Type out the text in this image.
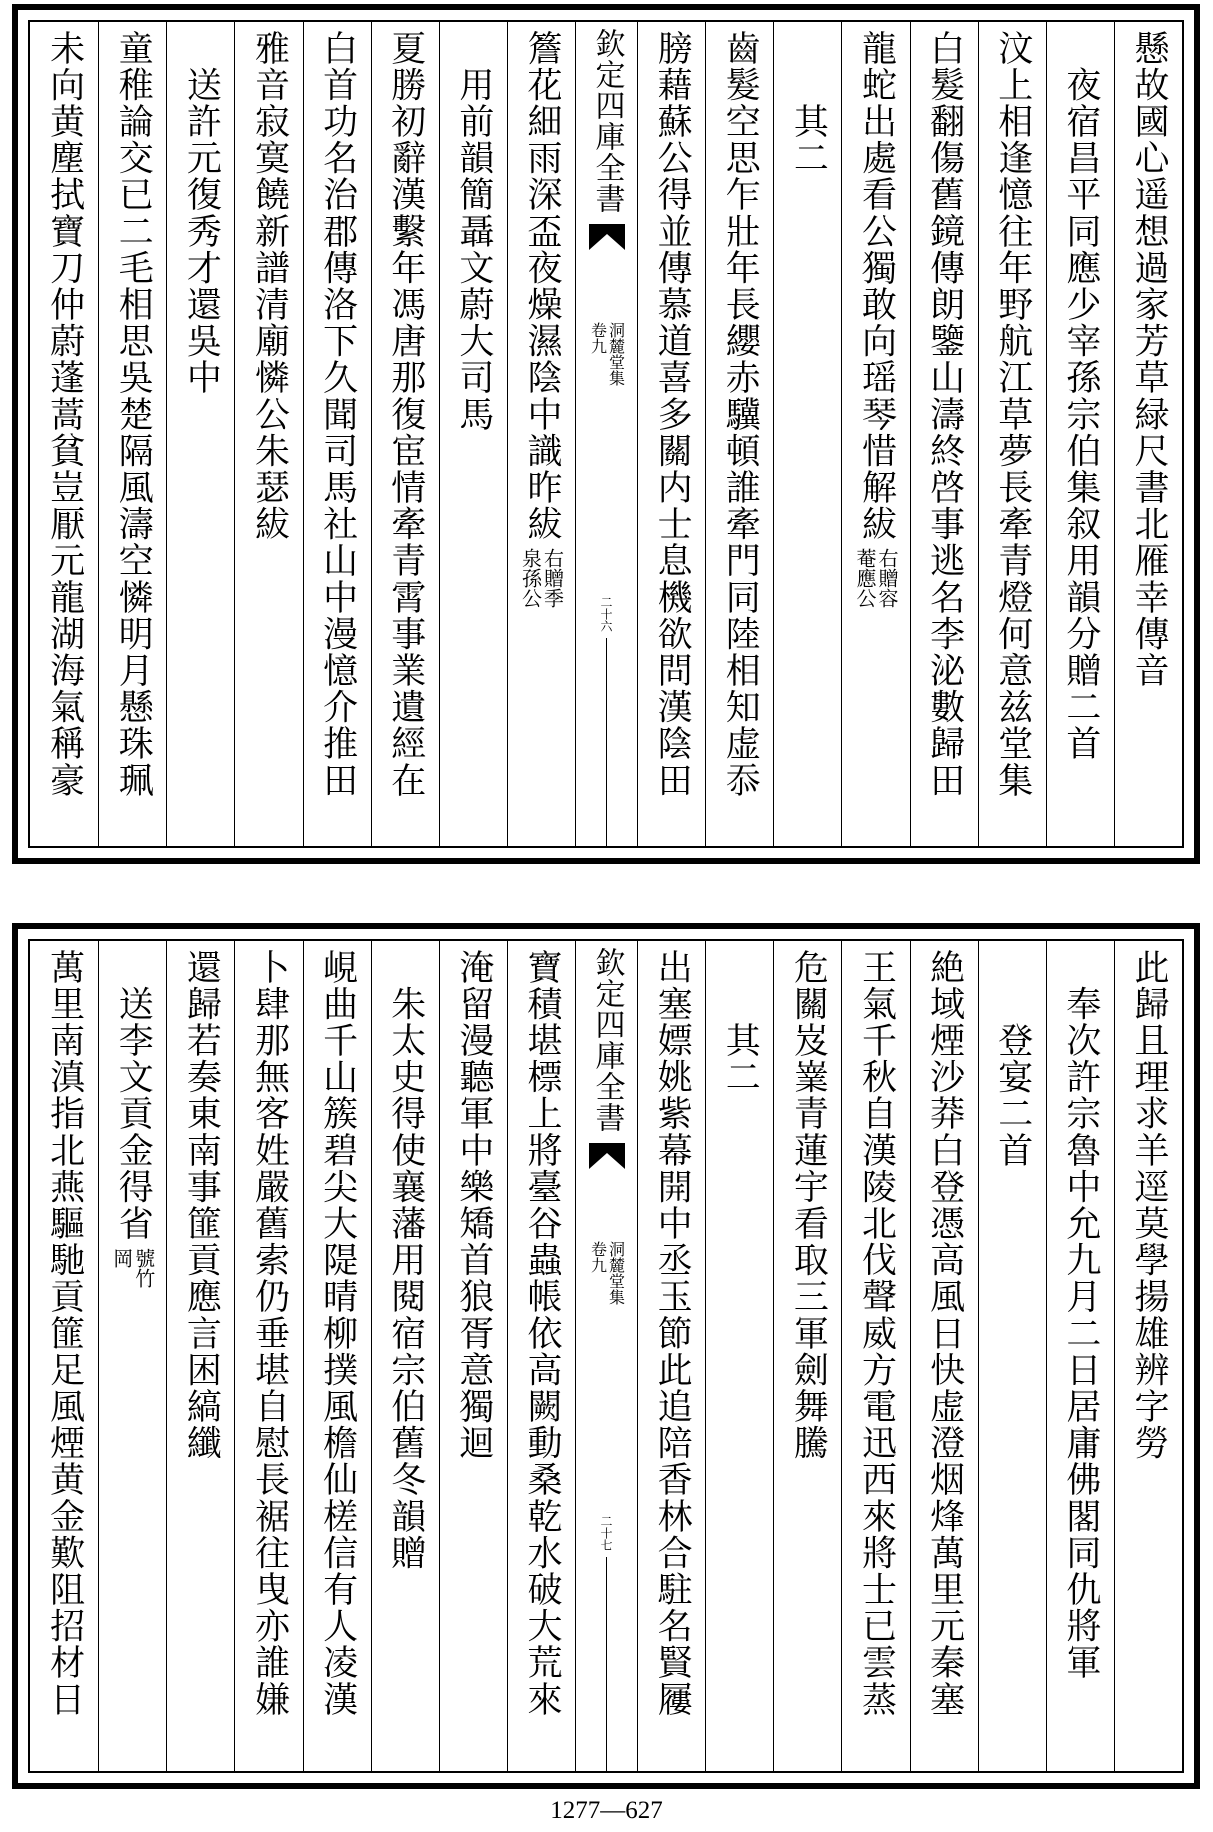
懸故國心遥想過家芳草緑尺書北雁幸傳音
　夜宿昌平同應少宰孫宗伯集叙用韻分贈二首
汶上相逢憶往年野航江草夢長牽青燈何意兹堂集
白髮翻傷舊鏡傳朗鑒山濤終啓事逃名李泌數歸田
龍蛇出處看公獨敢向瑶琴惜解紱
右贈容
菴應公
　　其二
齒髮空思乍壯年長纓赤驥頓誰牽門同陸相知虚忝
膀藉蘇公得並傳慕道喜多關内士息機欲問漢陰田
欽定四庫全書
洞麓堂集
卷九
二十六
簷花細雨深盃夜燥濕陰中識昨紱
右贈季
泉孫公
　用前韻簡聶文蔚大司馬
夏勝初辭漢繫年馮唐那復宦情牽青霄事業遺經在
白首功名治郡傳洛下久聞司馬社山中漫憶介推田
雅音寂寞饒新譜清廟憐公朱瑟紱
　送許元復秀才還吳中
童稚論交已二毛相思吳楚隔風濤空憐明月懸珠珮
未向黄塵拭寶刀仲蔚蓬蒿貧豈厭元龍湖海氣稱豪
此歸且理求羊逕莫學揚雄辨字勞
　奉次許宗魯中允九月二日居庸佛閣同仇將軍
　　登宴二首
絶域煙沙莽白登憑高風日快虚澄烟烽萬里元秦塞
王氣千秋自漢陵北伐聲威方電迅西來將士已雲蒸
危關岌嶪青蓮宇看取三軍劍舞騰
　　其二
出塞嫖姚紫幕開中丞玉節此追陪香林合駐名賢屨
欽定四庫全書
洞麓堂集
卷九
二十七
寶積堪標上將臺谷蟲帳依高闕動桑乾水破大荒來
淹留漫聽軍中樂矯首狼胥意獨迴
　朱太史得使襄藩用閱宿宗伯舊冬韻贈
峴曲千山簇碧尖大隄晴柳撲風檐仙槎信有人凌漢
卜肆那無客姓嚴舊索仍垂堪自慰長裾往曳亦誰嫌
還歸若奏東南事篚貢應言困縞纖
　送李文貢金得省
號竹
岡
萬里南滇指北燕驅馳貢篚足風煙黄金歎阻招材日
1277—627
